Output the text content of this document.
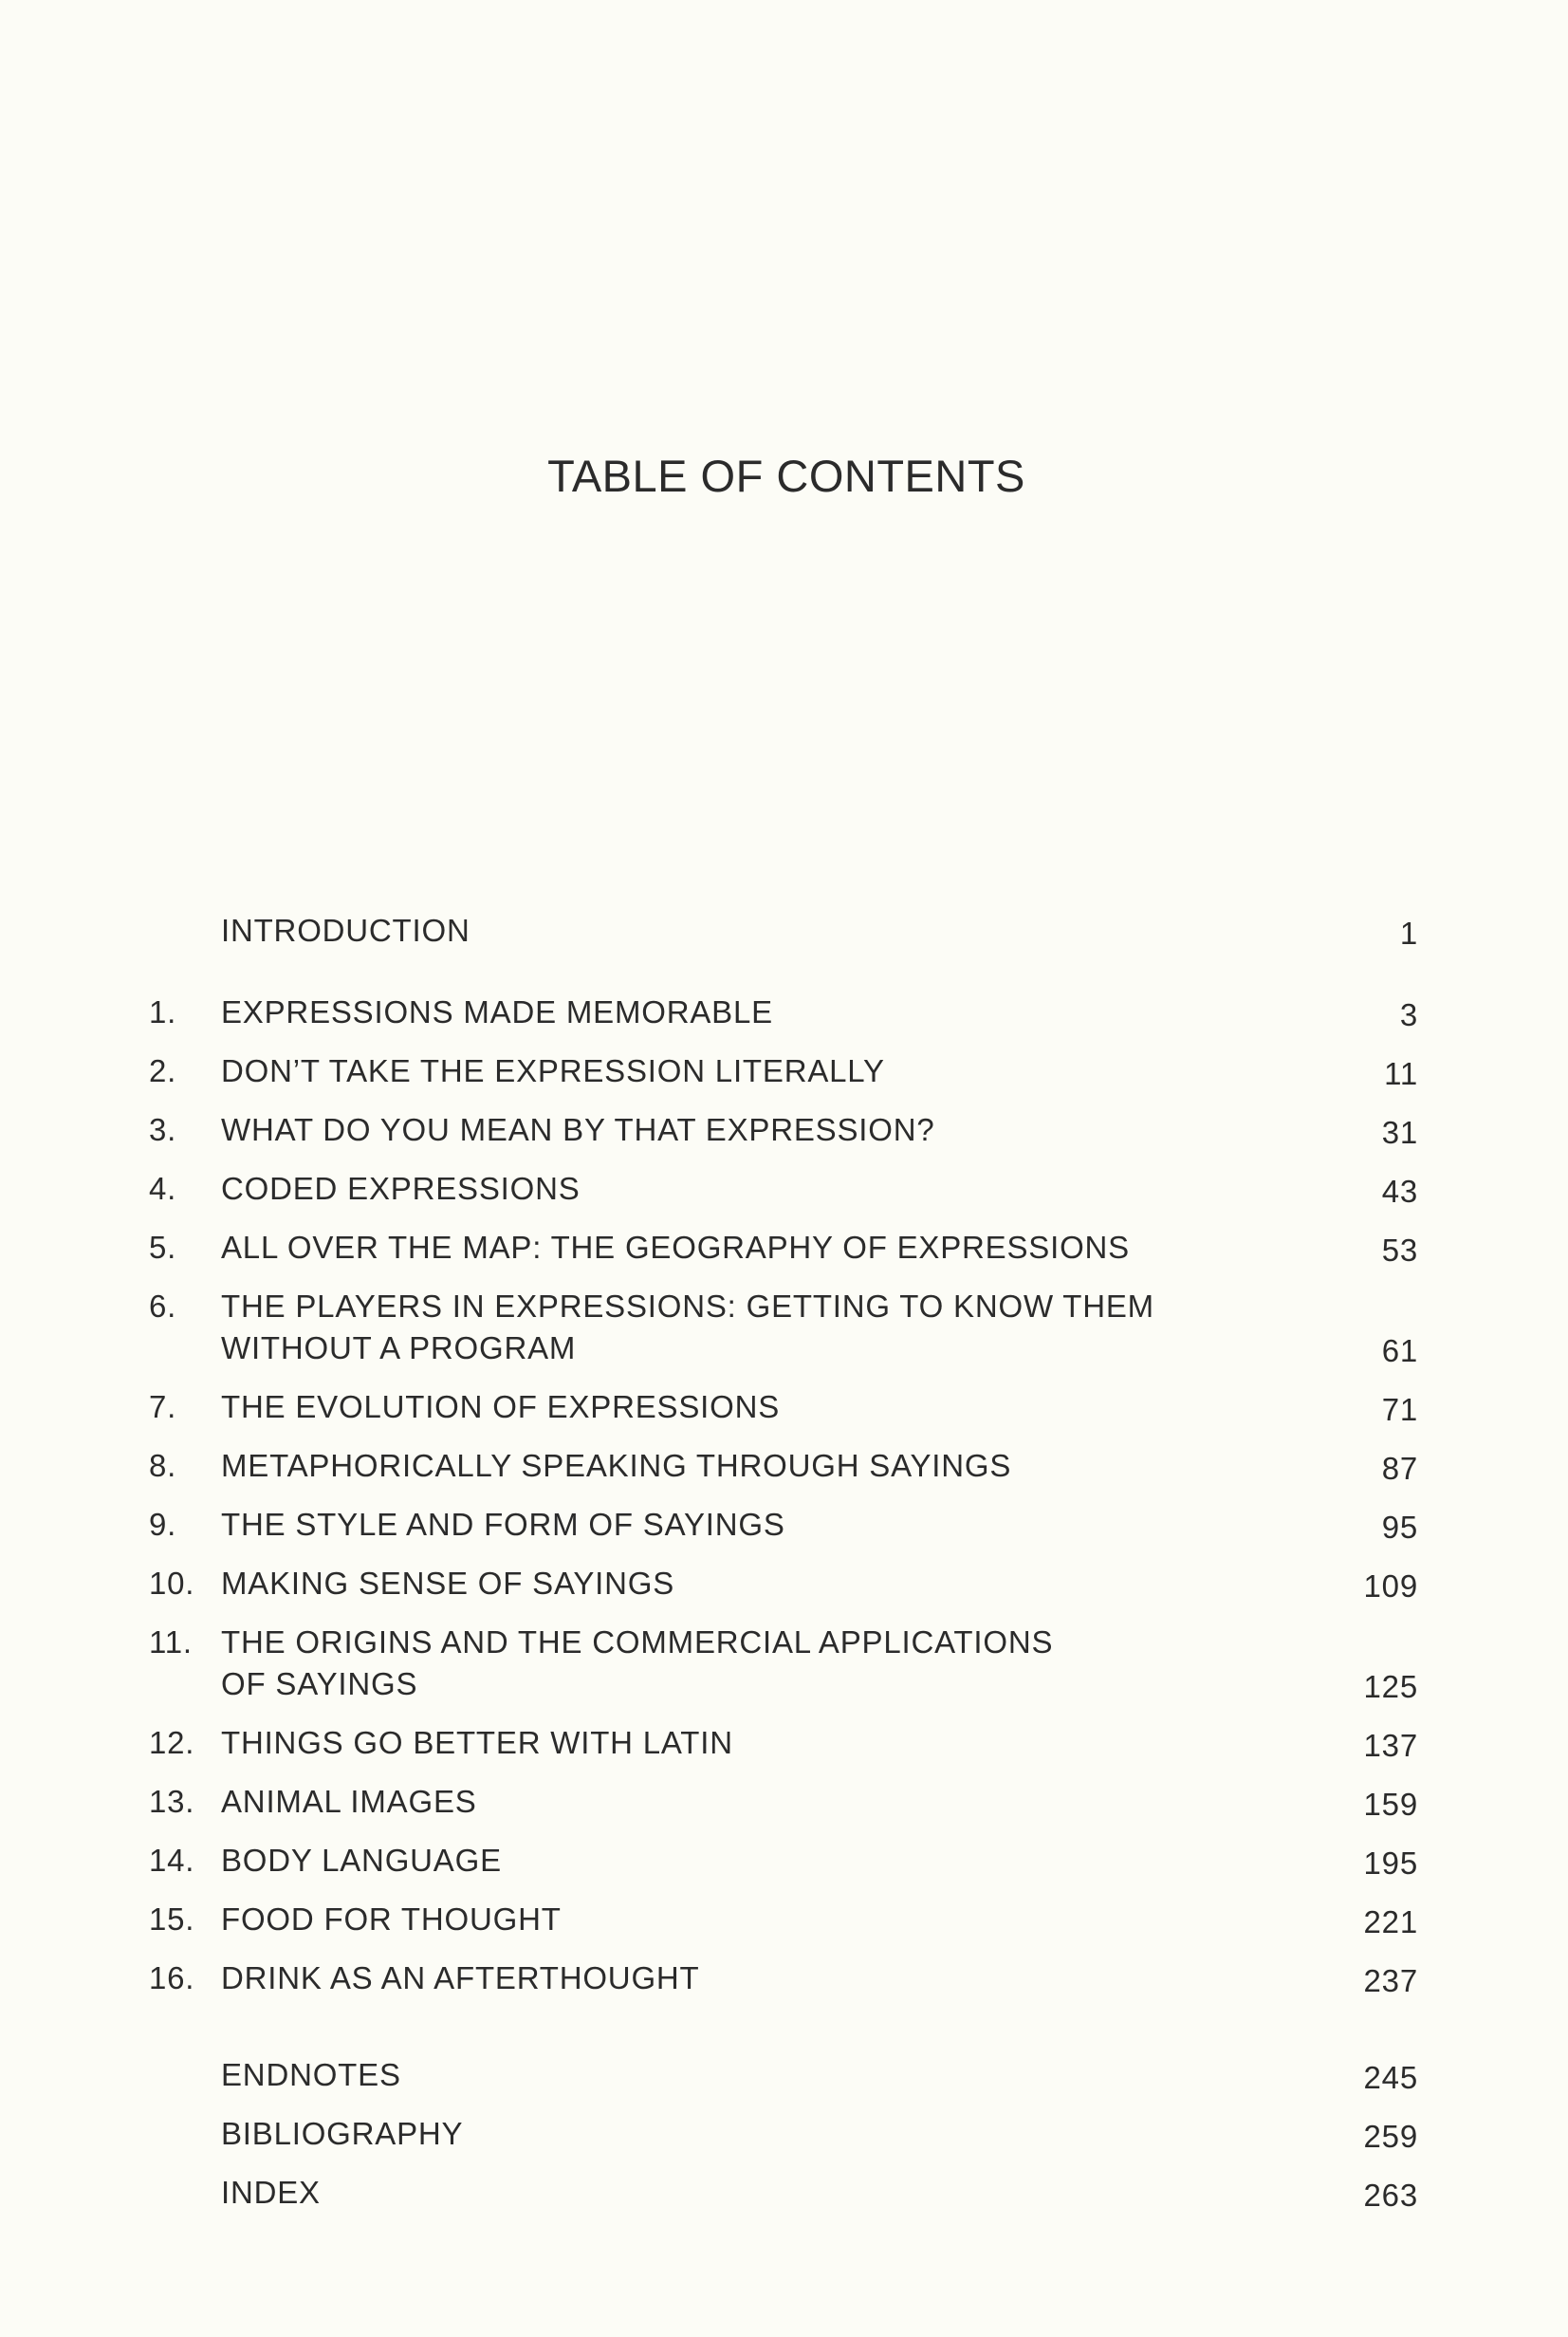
TABLE OF CONTENTS
INTRODUCTION	1
1. EXPRESSIONS MADE MEMORABLE	3
2. DON’T TAKE THE EXPRESSION LITERALLY	11
3. WHAT DO YOU MEAN BY THAT EXPRESSION?	31
4. CODED EXPRESSIONS	43
5. ALL OVER THE MAP: THE GEOGRAPHY OF EXPRESSIONS	53
6. THE PLAYERS IN EXPRESSIONS: GETTING TO KNOW THEM
WITHOUT A PROGRAM	61
7. THE EVOLUTION OF EXPRESSIONS	71
8. METAPHORICALLY SPEAKING THROUGH SAYINGS	87
9. THE STYLE AND FORM OF SAYINGS	95
10. MAKING SENSE OF SAYINGS	109
11. THE ORIGINS AND THE COMMERCIAL APPLICATIONS
OF SAYINGS	125
12. THINGS GO BETTER WITH LATIN	137
13. ANIMAL IMAGES	159
14. BODY LANGUAGE	195
15. FOOD FOR THOUGHT	221
16. DRINK AS AN AFTERTHOUGHT	237
ENDNOTES	245
BIBLIOGRAPHY	259
INDEX	263
